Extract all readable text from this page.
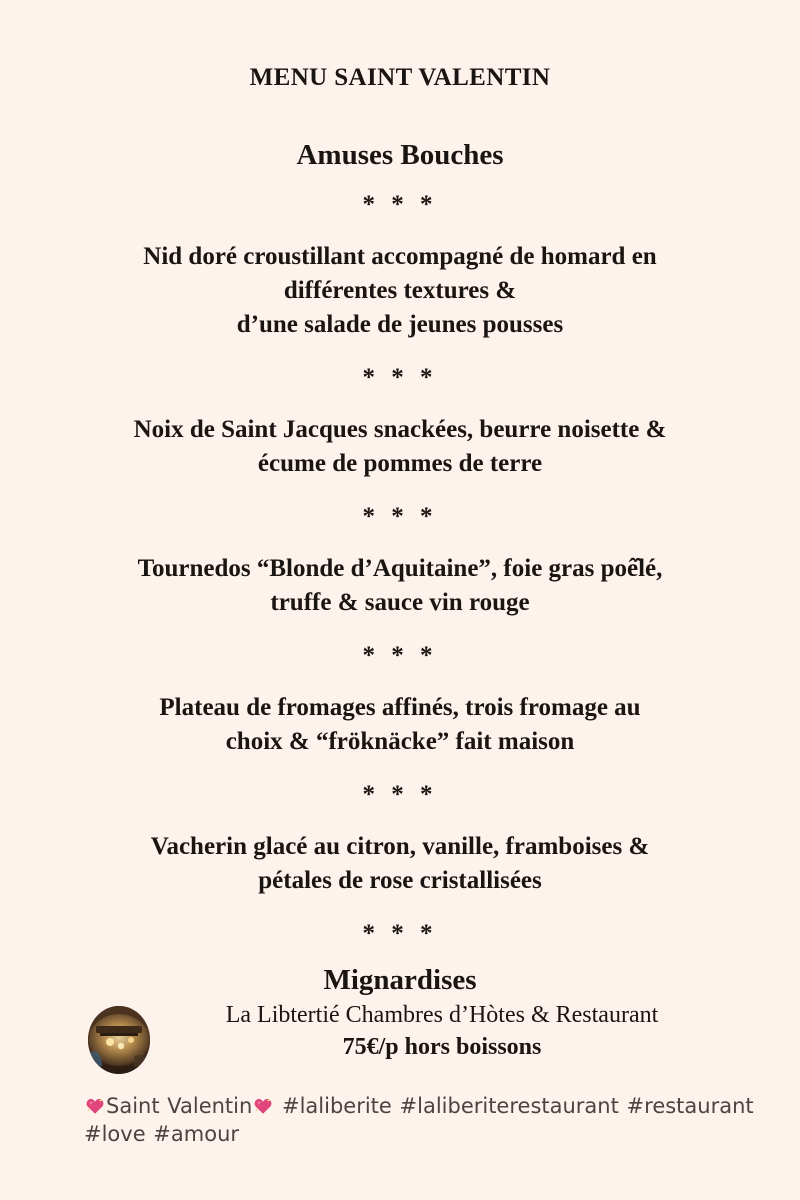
MENU SAINT VALENTIN
Amuses Bouches
* * *
Nid doré croustillant accompagné de homard en
différentes textures &
d’une salade de jeunes pousses
* * *
Noix de Saint Jacques snackées, beurre noisette &
écume de pommes de terre
* * *
Tournedos “Blonde d’Aquitaine”, foie gras poê̂lé,
truffe & sauce vin rouge
* * *
Plateau de fromages affinés, trois fromage au
choix & “fröknäcke” fait maison
* * *
Vacherin glacé au citron, vanille, framboises &
pétales de rose cristallisées
* * *
Mignardises
La Libtertié Chambres d’Hòtes & Restaurant
75€/p hors boissons
Saint Valentin #laliberite #laliberiterestaurant #restaurant #love #amour
